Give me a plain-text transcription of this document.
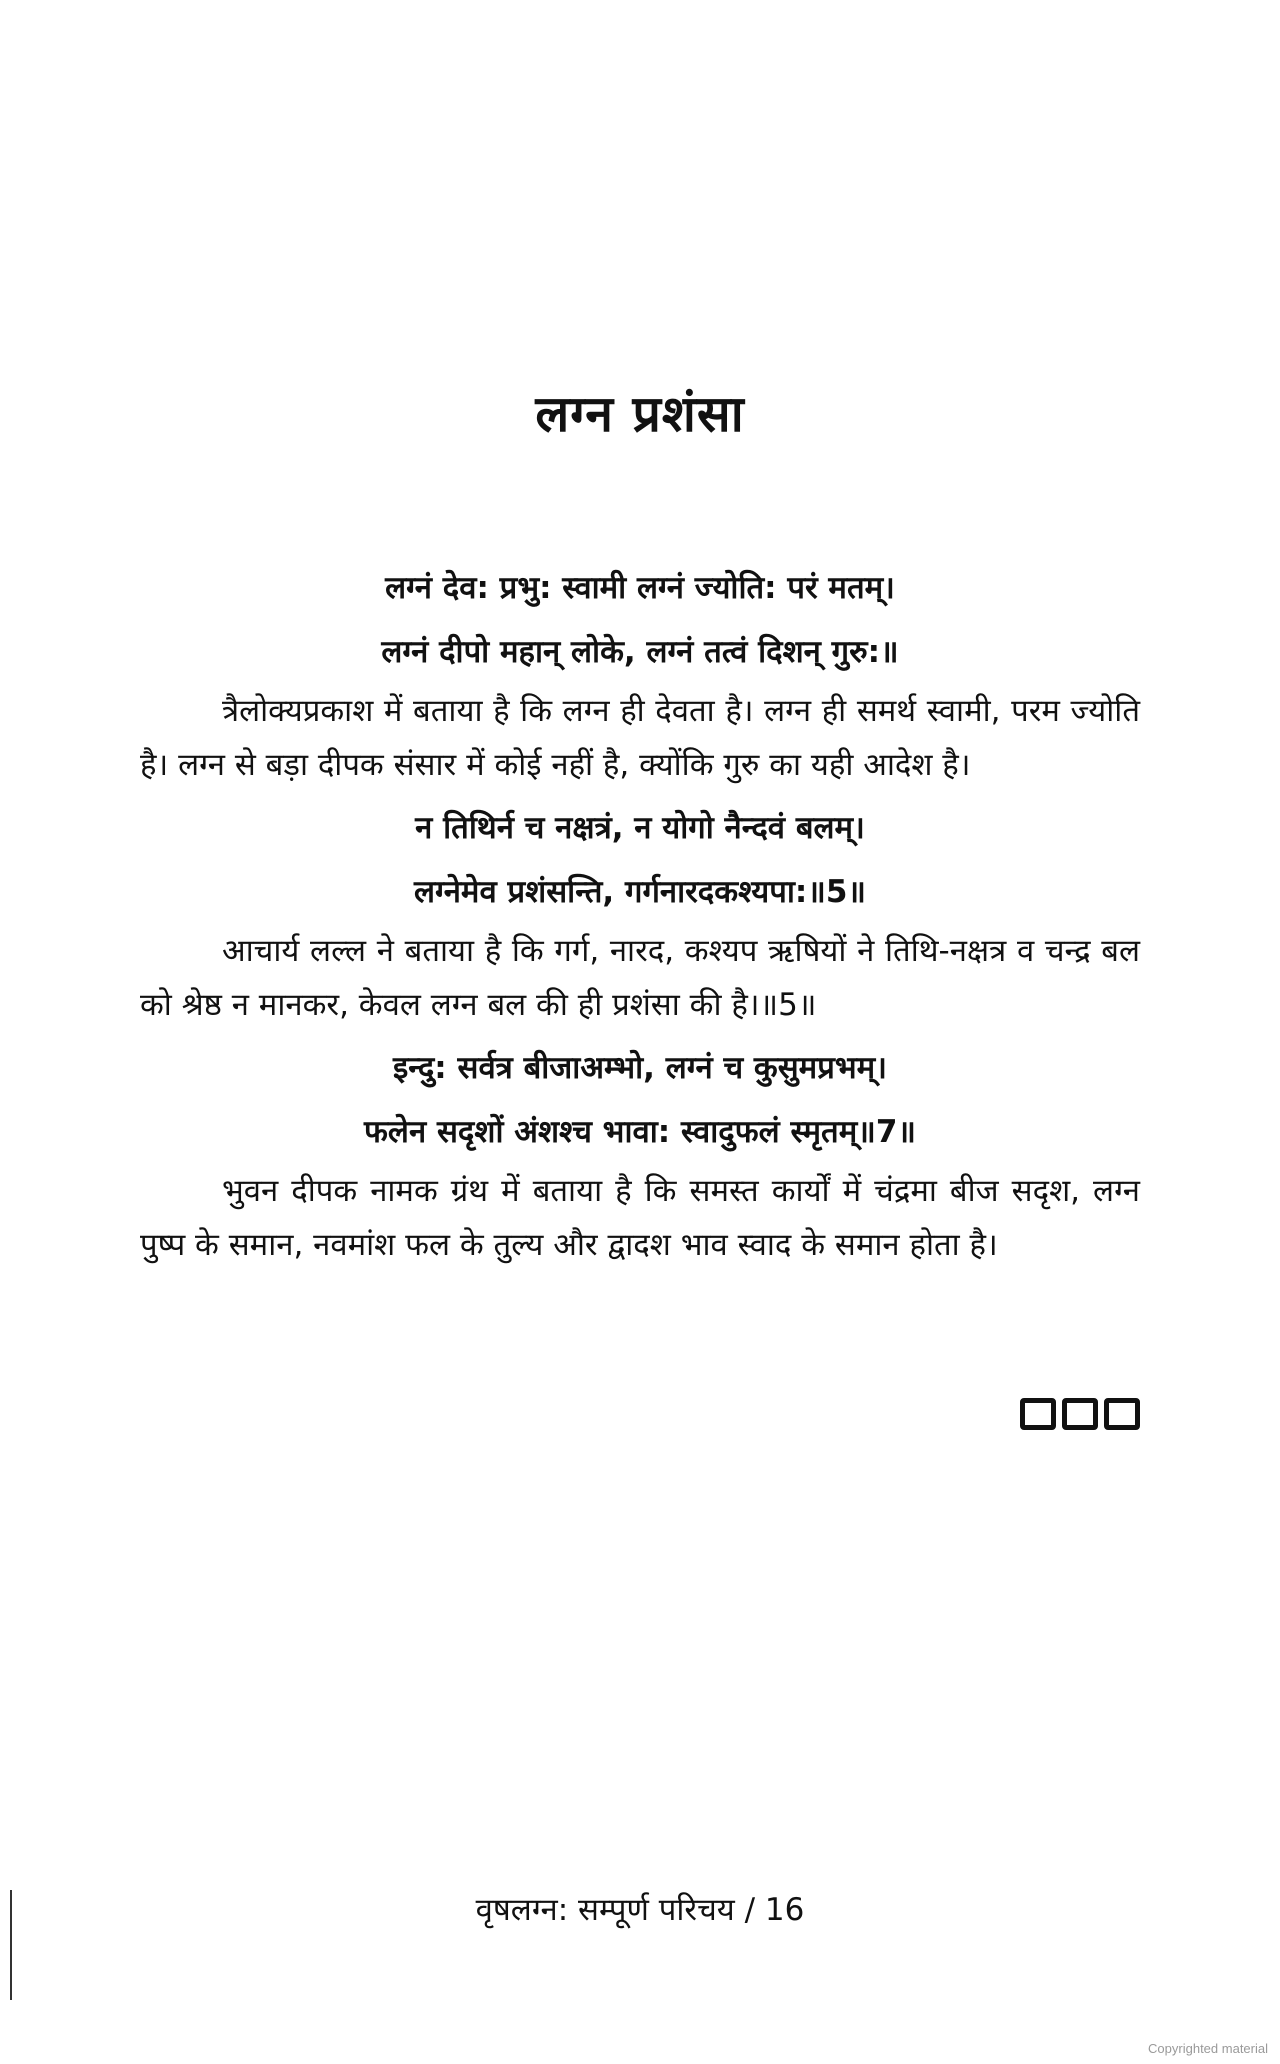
लग्न प्रशंसा
लग्नं देव: प्रभु: स्वामी लग्नं ज्योति: परं मतम्।
लग्नं दीपो महान् लोके, लग्नं तत्वं दिशन् गुरु:॥

त्रैलोक्यप्रकाश में बताया है कि लग्न ही देवता है। लग्न ही समर्थ स्वामी, परम ज्योति है। लग्न से बड़ा दीपक संसार में कोई नहीं है, क्योंकि गुरु का यही आदेश है।

न तिथिर्न च नक्षत्रं, न योगो नैन्दवं बलम्।
लग्नेमेव प्रशंसन्ति, गर्गनारदकश्यपा:॥5॥

आचार्य लल्ल ने बताया है कि गर्ग, नारद, कश्यप ऋषियों ने तिथि-नक्षत्र व चन्द्र बल को श्रेष्ठ न मानकर, केवल लग्न बल की ही प्रशंसा की है।॥5॥

इन्दु: सर्वत्र बीजाअम्भो, लग्नं च कुसुमप्रभम्।
फलेन सदृशों अंशश्च भावा: स्वादुफलं स्मृतम्॥7॥

भुवन दीपक नामक ग्रंथ में बताया है कि समस्त कार्यों में चंद्रमा बीज सदृश, लग्न पुष्प के समान, नवमांश फल के तुल्य और द्वादश भाव स्वाद के समान होता है।

वृषलग्न: सम्पूर्ण परिचय / 16
Copyrighted material
